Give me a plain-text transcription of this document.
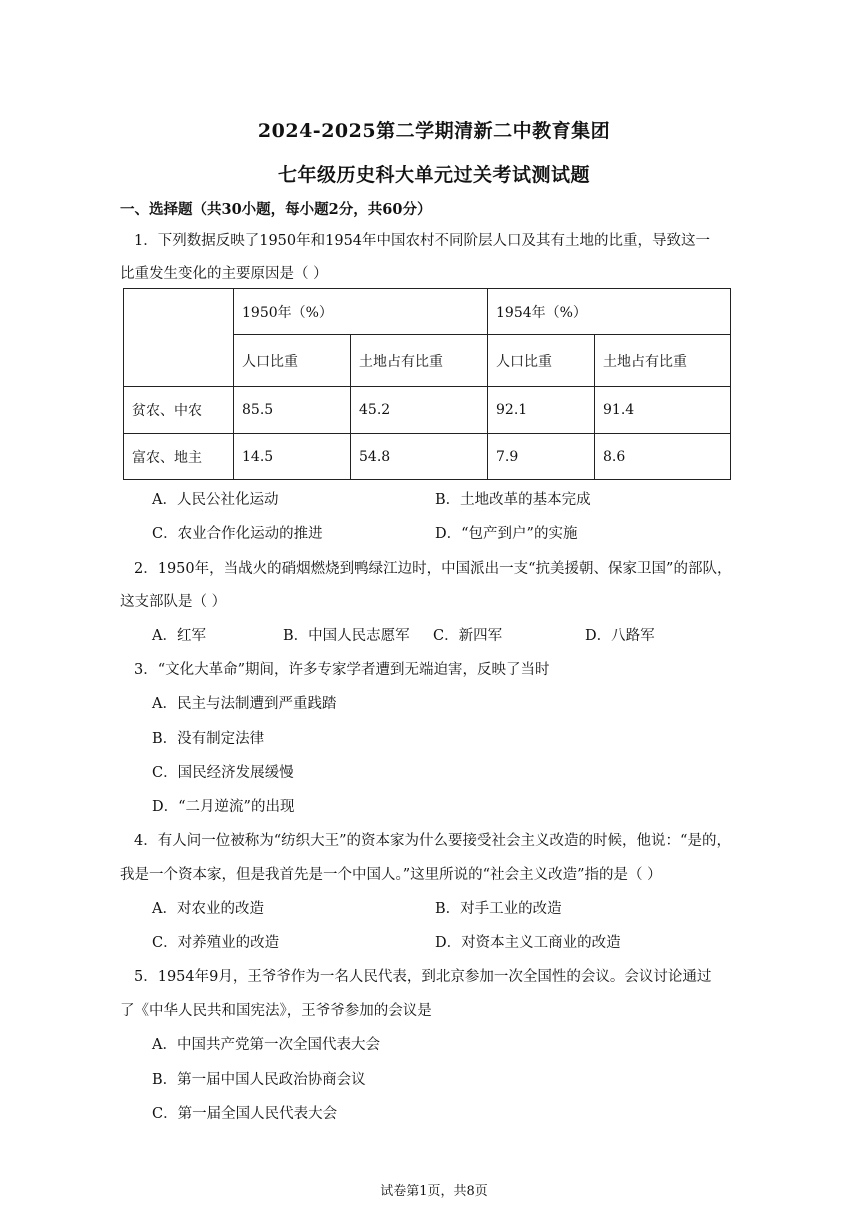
2024-2025第二学期清新二中教育集团
七年级历史科大单元过关考试测试题
一、选择题（共30小题，每小题2分，共60分）
1．下列数据反映了1950年和1954年中国农村不同阶层人口及其有土地的比重，导致这一
比重发生变化的主要原因是（ ）
	1950年（%）		1954年（%）	
	人口比重	土地占有比重	人口比重	土地占有比重
贫农、中农	85.5	45.2	92.1	91.4
富农、地主	14.5	54.8	7.9	8.6
A．人民公社化运动	B．土地改革的基本完成
C．农业合作化运动的推进	D．“包产到户”的实施
2．1950年，当战火的硝烟燃烧到鸭绿江边时，中国派出一支“抗美援朝、保家卫国”的部队，
这支部队是（ ）
A．红军	B．中国人民志愿军 C．新四军	D．八路军
3．“文化大革命”期间，许多专家学者遭到无端迫害，反映了当时
A．民主与法制遭到严重践踏
B．没有制定法律
C．国民经济发展缓慢
D．“二月逆流”的出现
4．有人问一位被称为“纺织大王”的资本家为什么要接受社会主义改造的时候，他说：“是的，
我是一个资本家，但是我首先是一个中国人。”这里所说的“社会主义改造”指的是（ ）
A．对农业的改造	B．对手工业的改造
C．对养殖业的改造	D．对资本主义工商业的改造
5．1954年9月，王爷爷作为一名人民代表，到北京参加一次全国性的会议。会议讨论通过
了《中华人民共和国宪法》，王爷爷参加的会议是
A．中国共产党第一次全国代表大会
B．第一届中国人民政治协商会议
C．第一届全国人民代表大会
试卷第1页，共8页
